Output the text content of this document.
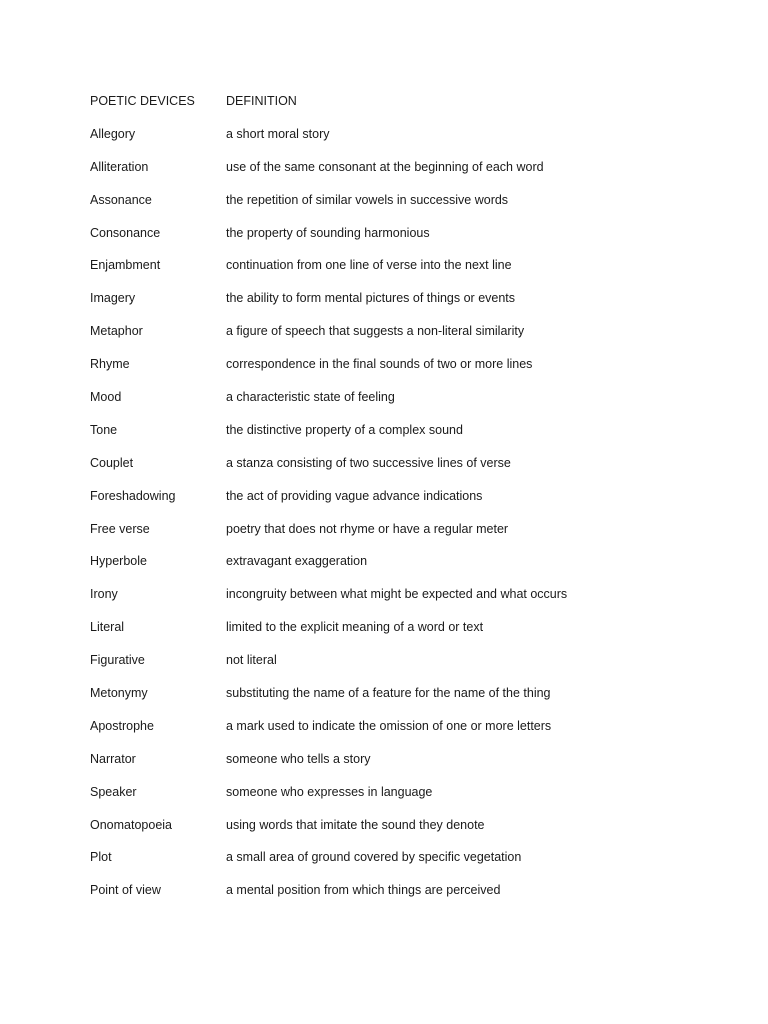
POETIC DEVICES	DEFINITION
Allegory	a short moral story
Alliteration	use of the same consonant at the beginning of each word
Assonance	the repetition of similar vowels in successive words
Consonance	the property of sounding harmonious
Enjambment	continuation from one line of verse into the next line
Imagery	the ability to form mental pictures of things or events
Metaphor	a figure of speech that suggests a non-literal similarity
Rhyme	correspondence in the final sounds of two or more lines
Mood	a characteristic state of feeling
Tone	the distinctive property of a complex sound
Couplet	a stanza consisting of two successive lines of verse
Foreshadowing	the act of providing vague advance indications
Free verse	poetry that does not rhyme or have a regular meter
Hyperbole	extravagant exaggeration
Irony	incongruity between what might be expected and what occurs
Literal	limited to the explicit meaning of a word or text
Figurative	not literal
Metonymy	substituting the name of a feature for the name of the thing
Apostrophe	a mark used to indicate the omission of one or more letters
Narrator	someone who tells a story
Speaker	someone who expresses in language
Onomatopoeia	using words that imitate the sound they denote
Plot	a small area of ground covered by specific vegetation
Point of view	a mental position from which things are perceived
